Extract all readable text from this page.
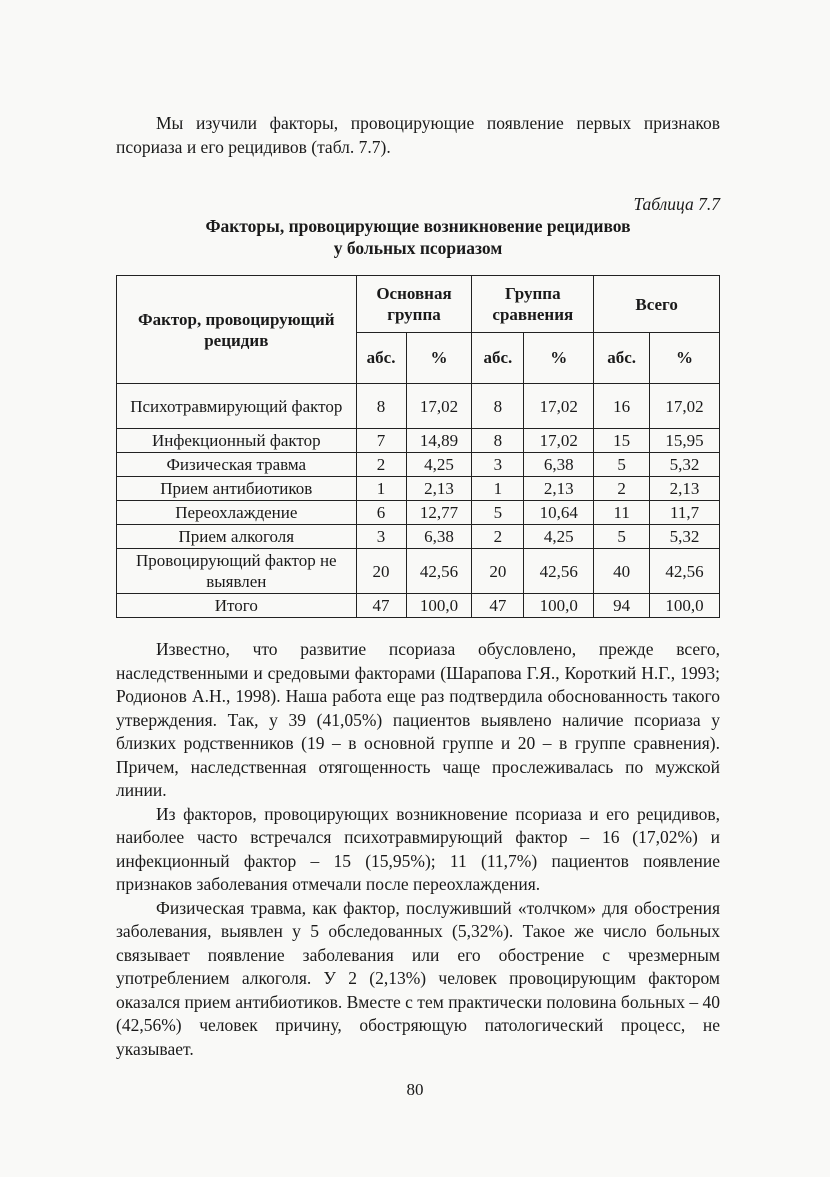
Мы изучили факторы, провоцирующие появление первых признаков псориаза и его рецидивов (табл. 7.7).

Таблица 7.7
Факторы, провоцирующие возникновение рецидивов
у больных псориазом
Фактор, провоцирующий рецидив	Основная группа		Группа сравнения		Всего	
	абс.	%	абс.	%	абс.	%
Психотравмирующий фактор	8	17,02	8	17,02	16	17,02
Инфекционный фактор	7	14,89	8	17,02	15	15,95
Физическая травма	2	4,25	3	6,38	5	5,32
Прием антибиотиков	1	2,13	1	2,13	2	2,13
Переохлаждение	6	12,77	5	10,64	11	11,7
Прием алкоголя	3	6,38	2	4,25	5	5,32
Провоцирующий фактор не выявлен	20	42,56	20	42,56	40	42,56
Итого	47	100,0	47	100,0	94	100,0

Известно, что развитие псориаза обусловлено, прежде всего, наследственными и средовыми факторами (Шарапова Г.Я., Короткий Н.Г., 1993; Родионов А.Н., 1998). Наша работа еще раз подтвердила обоснованность такого утверждения. Так, у 39 (41,05%) пациентов выявлено наличие псориаза у близких родственников (19 – в основной группе и 20 – в группе сравнения). Причем, наследственная отягощенность чаще прослеживалась по мужской линии.

Из факторов, провоцирующих возникновение псориаза и его рецидивов, наиболее часто встречался психотравмирующий фактор – 16 (17,02%) и инфекционный фактор – 15 (15,95%); 11 (11,7%) пациентов появление признаков заболевания отмечали после переохлаждения.

Физическая травма, как фактор, послуживший «толчком» для обострения заболевания, выявлен у 5 обследованных (5,32%). Такое же число больных связывает появление заболевания или его обострение с чрезмерным употреблением алкоголя. У 2 (2,13%) человек провоцирующим фактором оказался прием антибиотиков. Вместе с тем практически половина больных – 40 (42,56%) человек причину, обостряющую патологический процесс, не указывает.

80
